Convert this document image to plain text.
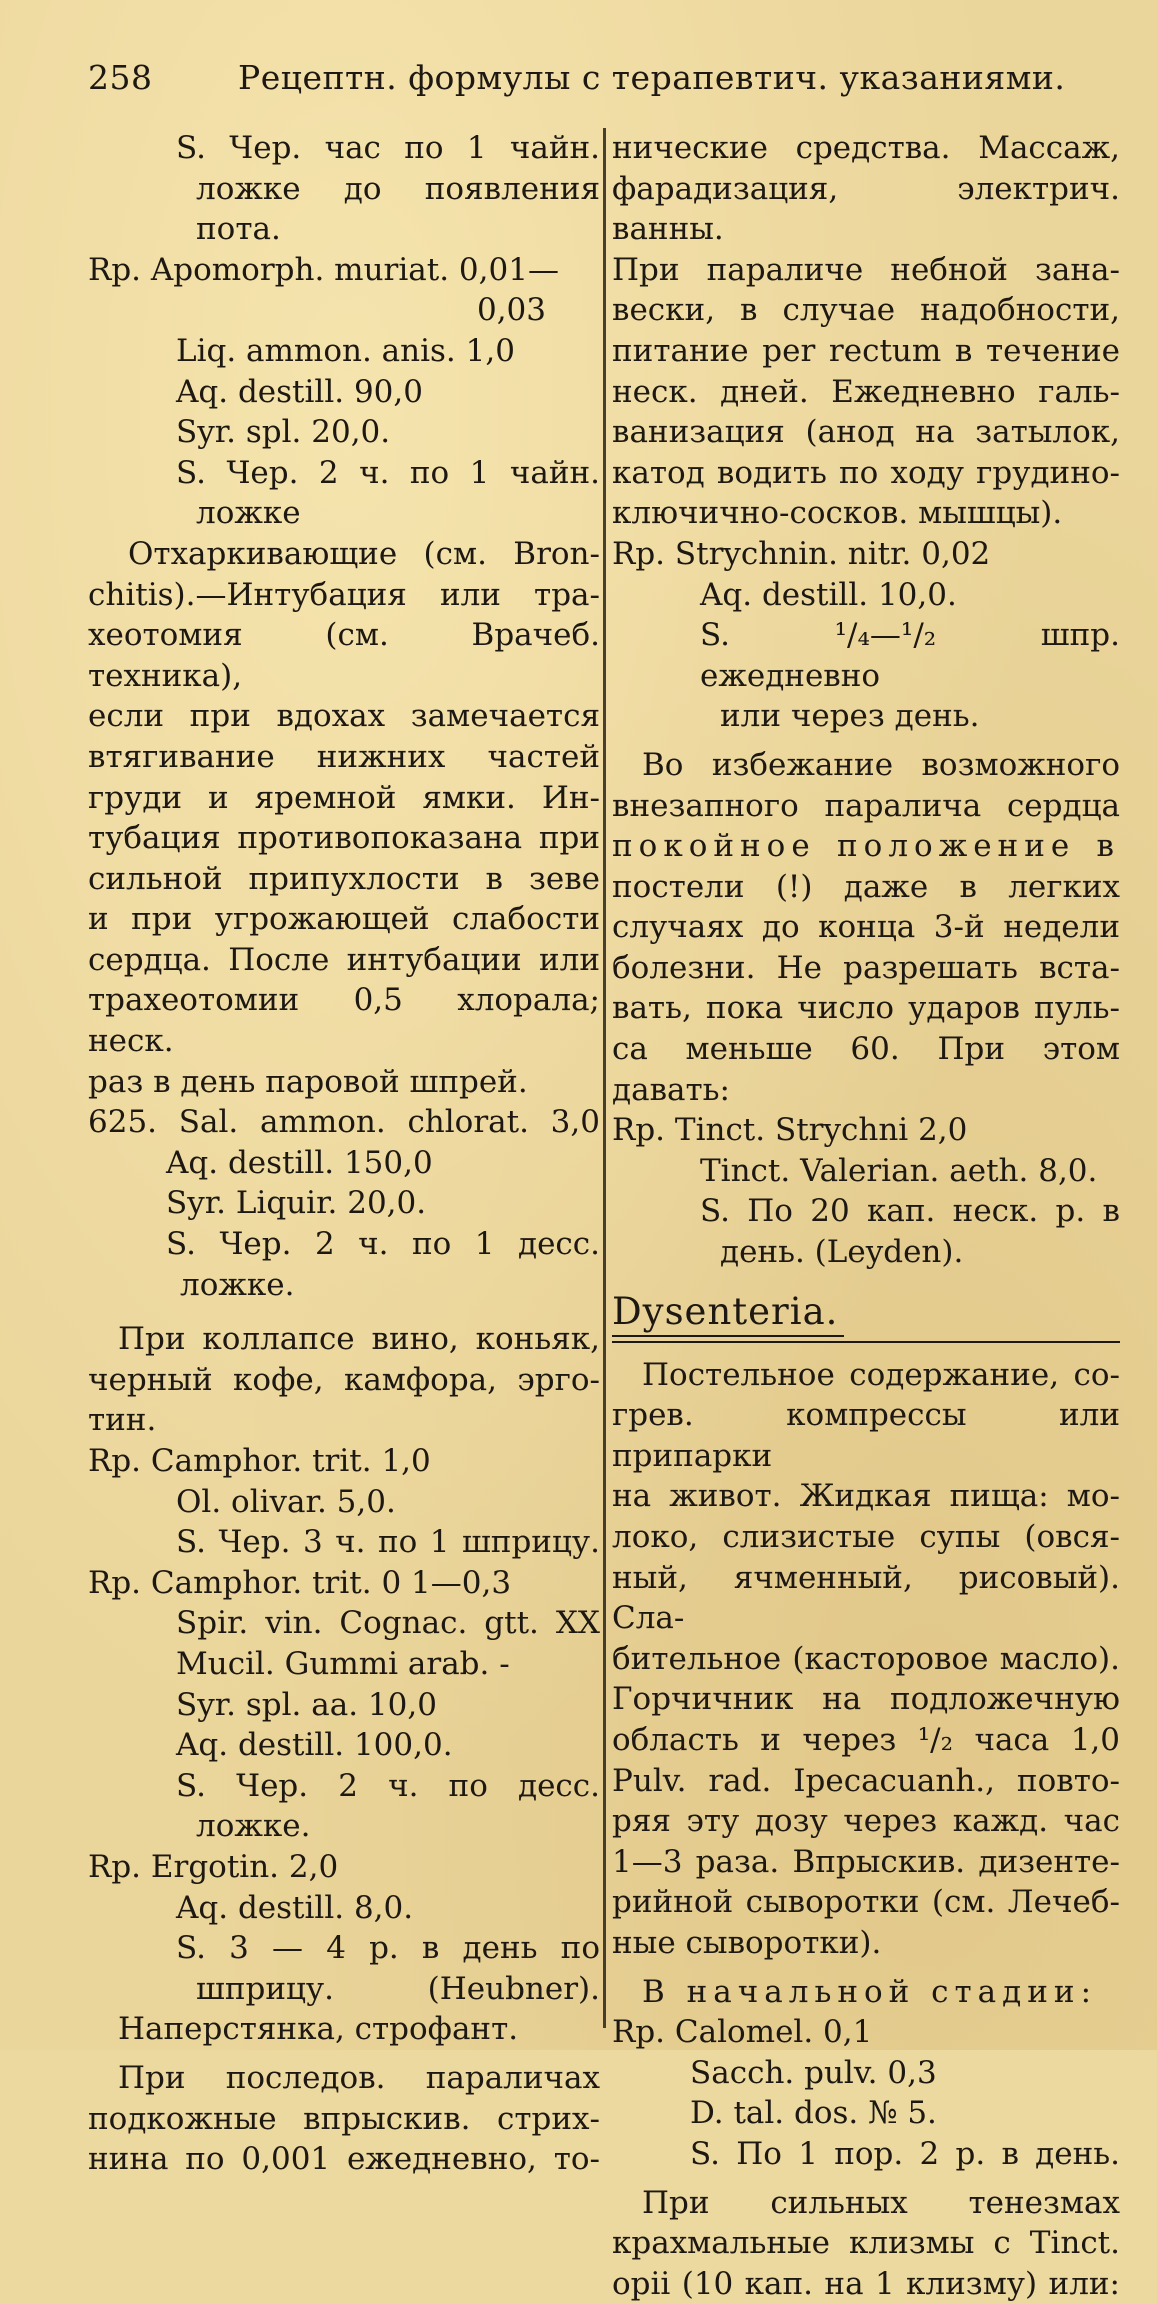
258	Рецептн. формулы с терапевтич. указаниями.
S. Чер. час по 1 чайн.
ложке до появления
пота.
Rp. Apomorph. muriat. 0,01—
0,03
Liq. ammon. anis. 1,0
Aq. destill. 90,0
Syr. spl. 20,0.
S. Чер. 2 ч. по 1 чайн.
ложке
Отхаркивающие (см. Bron-
chitis).—Интубация или тра-
хеотомия (см. Врачеб. техника),
если при вдохах замечается
втягивание нижних частей
груди и яремной ямки. Ин-
тубация противопоказана при
сильной припухлости в зеве
и при угрожающей слабости
сердца. После интубации или
трахеотомии 0,5 хлорала; неск.
раз в день паровой шпрей.
625. Sal. ammon. chlorat. 3,0
Aq. destill. 150,0
Syr. Liquir. 20,0.
S. Чер. 2 ч. по 1 десс.
ложке.
При коллапсе вино, коньяк,
черный кофе, камфора, эрго-
тин.
Rp. Camphor. trit. 1,0
Ol. olivar. 5,0.
S. Чер. 3 ч. по 1 шприцу.
Rp. Camphor. trit. 0 1—0,3
Spir. vin. Cognac. gtt. XX
Mucil. Gummi arab. -
Syr. spl. aa. 10,0
Aq. destill. 100,0.
S. Чер. 2 ч. по десс.
ложке.
Rp. Ergotin. 2,0
Aq. destill. 8,0.
S. 3 — 4 р. в день по
шприцу. (Heubner).
Наперстянка, строфант.
При последов. параличах
подкожные впрыскив. стрих-
нина по 0,001 ежедневно, то-
нические средства. Массаж,
фарадизация, электрич. ванны.
При параличе небной зана-
вески, в случае надобности,
питание per rectum в течение
неск. дней. Ежедневно галь-
ванизация (анод на затылок,
катод водить по ходу грудино-
ключично-сосков. мышцы).
Rp. Strychnin. nitr. 0,02
Aq. destill. 10,0.
S. ¹/₄—¹/₂ шпр. ежедневно
или через день.
Во избежание возможного
внезапного паралича сердца
покойное положение в
постели (!) даже в легких
случаях до конца 3-й недели
болезни. Не разрешать вста-
вать, пока число ударов пуль-
са меньше 60. При этом давать:
Rp. Tinct. Strychni 2,0
Tinct. Valerian. aeth. 8,0.
S. По 20 кап. неск. р. в
день. (Leyden).
Dysenteria.
Постельное содержание, со-
грев. компрессы или припарки
на живот. Жидкая пища: мо-
локо, слизистые супы (овся-
ный, ячменный, рисовый). Сла-
бительное (касторовое масло).
Горчичник на подложечную
область и через ¹/₂ часа 1,0
Pulv. rad. Ipecacuanh., повто-
ряя эту дозу через кажд. час
1—3 раза. Впрыскив. дизенте-
рийной сыворотки (см. Лечеб-
ные сыворотки).
В начальной стадии:
Rp. Calomel. 0,1
Sacch. pulv. 0,3
D. tal. dos. № 5.
S. По 1 пор. 2 р. в день.
При сильных тенезмах
крахмальные клизмы с Tinct.
opii (10 кап. на 1 клизму) или:
